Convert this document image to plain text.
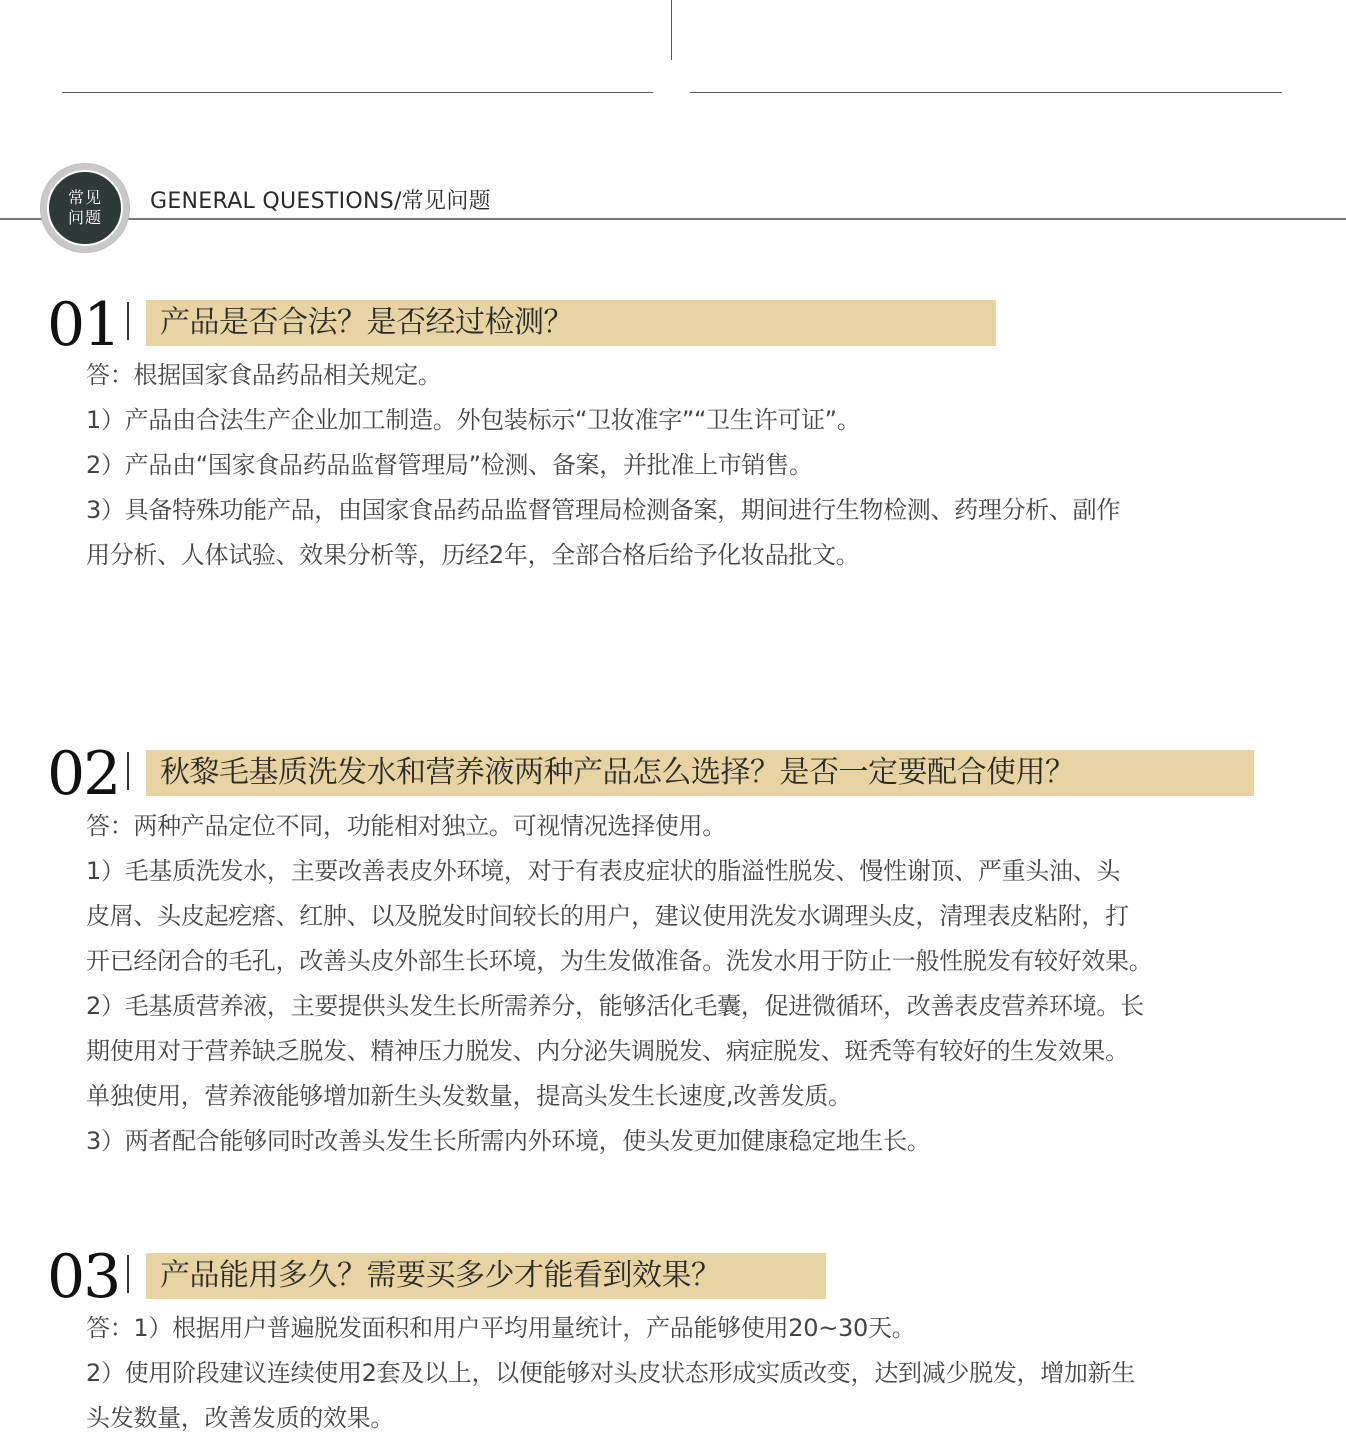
常见
问题
GENERAL QUESTIONS/常见问题
01	产品是否合法？是否经过检测？

答：根据国家食品药品相关规定。

1）产品由合法生产企业加工制造。外包装标示“卫妆准字”“卫生许可证”。

2）产品由“国家食品药品监督管理局”检测、备案，并批准上市销售。

3）具备特殊功能产品，由国家食品药品监督管理局检测备案，期间进行生物检测、药理分析、副作

用分析、人体试验、效果分析等，历经2年，全部合格后给予化妆品批文。

02	秋黎毛基质洗发水和营养液两种产品怎么选择？是否一定要配合使用？

答：两种产品定位不同，功能相对独立。可视情况选择使用。

1）毛基质洗发水，主要改善表皮外环境，对于有表皮症状的脂溢性脱发、慢性谢顶、严重头油、头

皮屑、头皮起疙瘩、红肿、以及脱发时间较长的用户，建议使用洗发水调理头皮，清理表皮粘附，打

开已经闭合的毛孔，改善头皮外部生长环境，为生发做准备。洗发水用于防止一般性脱发有较好效果。

2）毛基质营养液，主要提供头发生长所需养分，能够活化毛囊，促进微循环，改善表皮营养环境。长

期使用对于营养缺乏脱发、精神压力脱发、内分泌失调脱发、病症脱发、斑秃等有较好的生发效果。

单独使用，营养液能够增加新生头发数量，提高头发生长速度,改善发质。

3）两者配合能够同时改善头发生长所需内外环境，使头发更加健康稳定地生长。

03	产品能用多久？需要买多少才能看到效果？

答：1）根据用户普遍脱发面积和用户平均用量统计，产品能够使用20~30天。

2）使用阶段建议连续使用2套及以上，以便能够对头皮状态形成实质改变，达到减少脱发，增加新生

头发数量，改善发质的效果。
